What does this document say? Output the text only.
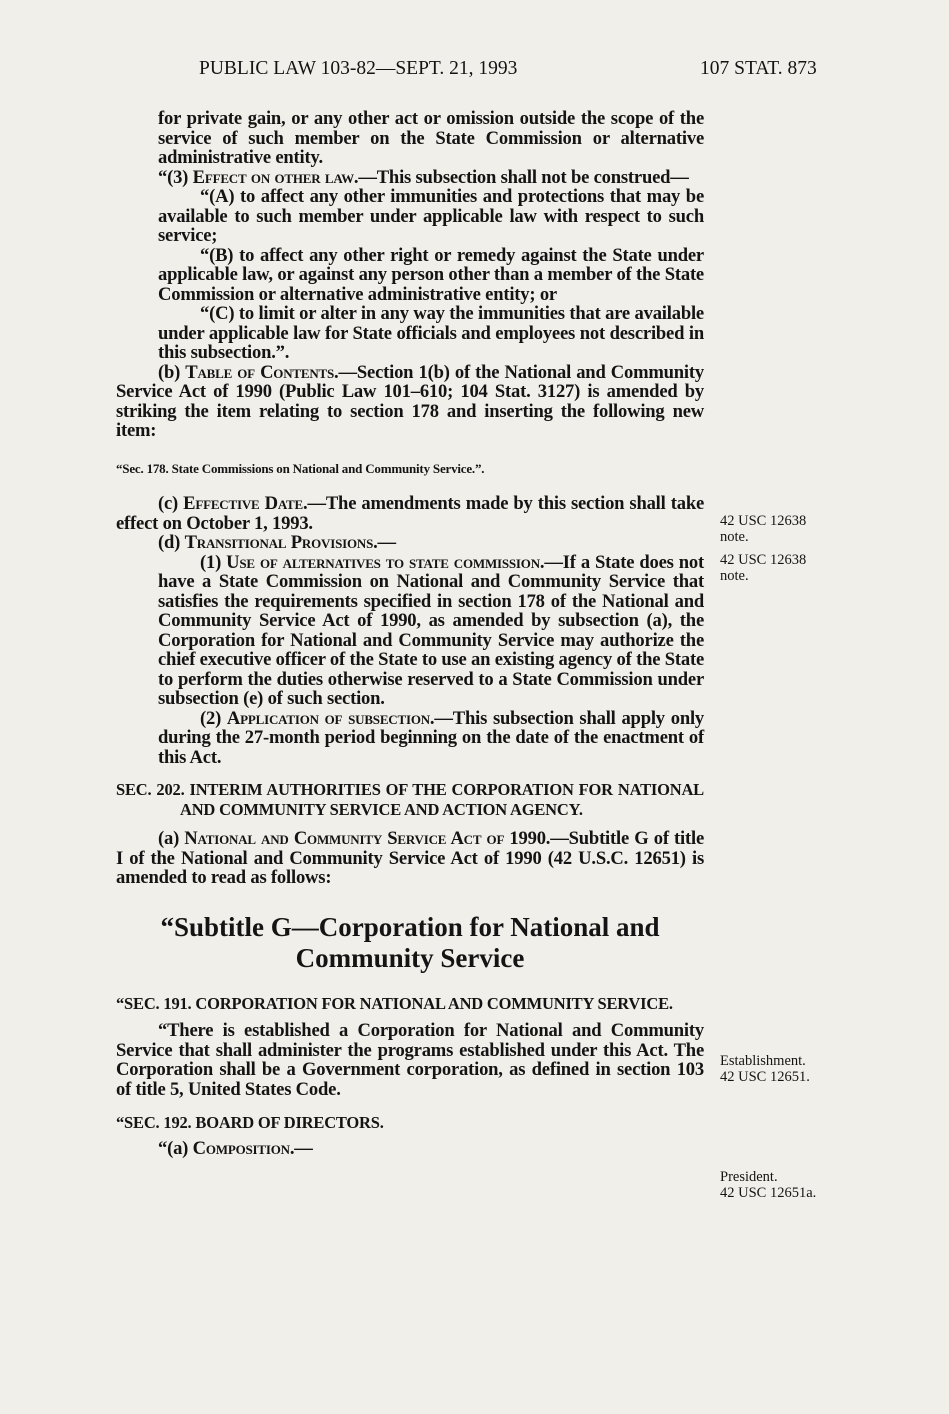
PUBLIC LAW 103-82—SEPT. 21, 1993	107 STAT. 873

for private gain, or any other act or omission outside the scope of the service of such member on the State Commission or alternative administrative entity.

“(3) Effect on other law.—This subsection shall not be construed—

“(A) to affect any other immunities and protections that may be available to such member under applicable law with respect to such service;

“(B) to affect any other right or remedy against the State under applicable law, or against any person other than a member of the State Commission or alternative administrative entity; or

“(C) to limit or alter in any way the immunities that are available under applicable law for State officials and employees not described in this subsection.”.

(b) Table of Contents.—Section 1(b) of the National and Community Service Act of 1990 (Public Law 101–610; 104 Stat. 3127) is amended by striking the item relating to section 178 and inserting the following new item:

“Sec. 178. State Commissions on National and Community Service.”.

(c) Effective Date.—The amendments made by this section shall take effect on October 1, 1993.

(d) Transitional Provisions.—

(1) Use of alternatives to state commission.—If a State does not have a State Commission on National and Community Service that satisfies the requirements specified in section 178 of the National and Community Service Act of 1990, as amended by subsection (a), the Corporation for National and Community Service may authorize the chief executive officer of the State to use an existing agency of the State to perform the duties otherwise reserved to a State Commission under subsection (e) of such section.

(2) Application of subsection.—This subsection shall apply only during the 27-month period beginning on the date of the enactment of this Act.

SEC. 202. INTERIM AUTHORITIES OF THE CORPORATION FOR NATIONAL AND COMMUNITY SERVICE AND ACTION AGENCY.

(a) National and Community Service Act of 1990.—Subtitle G of title I of the National and Community Service Act of 1990 (42 U.S.C. 12651) is amended to read as follows:

“Subtitle G—Corporation for National and Community Service

“SEC. 191. CORPORATION FOR NATIONAL AND COMMUNITY SERVICE.

“There is established a Corporation for National and Community Service that shall administer the programs established under this Act. The Corporation shall be a Government corporation, as defined in section 103 of title 5, United States Code.

“SEC. 192. BOARD OF DIRECTORS.

“(a) Composition.—

42 USC 12638
note.
42 USC 12638
note.
Establishment.
42 USC 12651.
President.
42 USC 12651a.
